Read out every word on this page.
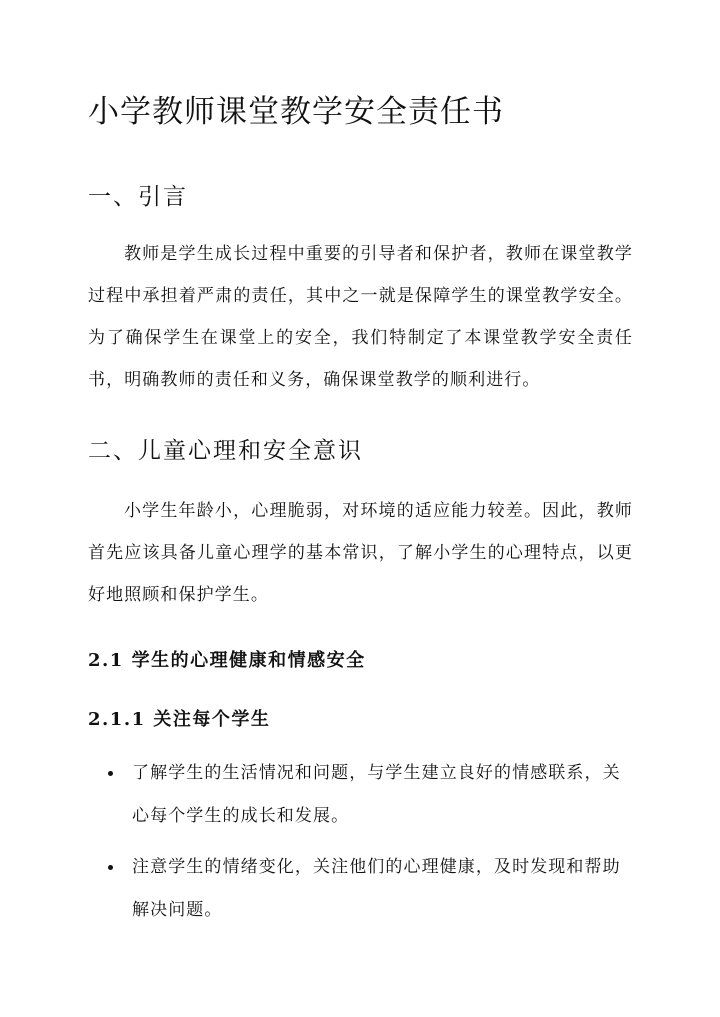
小学教师课堂教学安全责任书
一、引言

教师是学生成长过程中重要的引导者和保护者，教师在课堂教学过程中承担着严肃的责任，其中之一就是保障学生的课堂教学安全。为了确保学生在课堂上的安全，我们特制定了本课堂教学安全责任书，明确教师的责任和义务，确保课堂教学的顺利进行。

二、儿童心理和安全意识

小学生年龄小，心理脆弱，对环境的适应能力较差。因此，教师首先应该具备儿童心理学的基本常识，了解小学生的心理特点，以更好地照顾和保护学生。

2.1 学生的心理健康和情感安全
2.1.1 关注每个学生
了解学生的生活情况和问题，与学生建立良好的情感联系，关心每个学生的成长和发展。
注意学生的情绪变化，关注他们的心理健康，及时发现和帮助解决问题。
